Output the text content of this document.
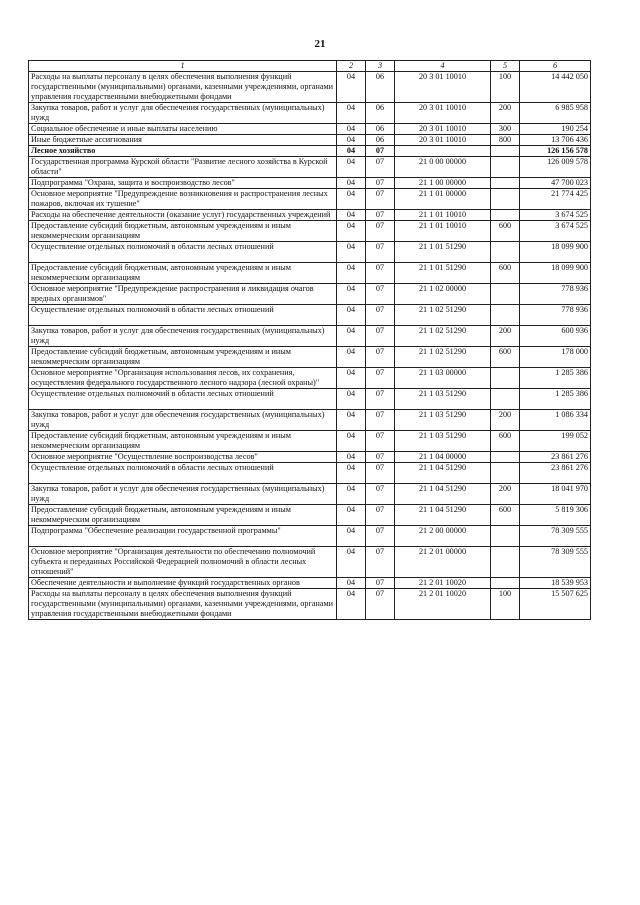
21
1	2	3	4	5	6
Расходы на выплаты персоналу в целях обеспечения выполнения функций государственными (муниципальными) органами, казенными учреждениями, органами управления государственными внебюджетными фондами	04	06	20 3 01 10010	100	14 442 050
Закупка товаров, работ и услуг для обеспечения государственных (муниципальных) нужд	04	06	20 3 01 10010	200	6 985 958
Социальное обеспечение и иные выплаты населению	04	06	20 3 01 10010	300	190 254
Иные бюджетные ассигнования	04	06	20 3 01 10010	800	13 706 436
Лесное хозяйство	04	07			126 156 578
Государственная программа Курской области "Развитие лесного хозяйства в Курской области"	04	07	21 0 00 00000		126 009 578
Подпрограмма "Охрана, защита и воспроизводство лесов"	04	07	21 1 00 00000		47 700 023
Основное мероприятие "Предупреждение возникновения и распространения лесных пожаров, включая их тушение"	04	07	21 1 01 00000		21 774 425
Расходы на обеспечение деятельности (оказание услуг) государственных учреждений	04	07	21 1 01 10010		3 674 525
Предоставление субсидий бюджетным, автономным учреждениям и иным некоммерческим организациям	04	07	21 1 01 10010	600	3 674 525
Осуществление отдельных полномочий в области лесных отношений	04	07	21 1 01 51290		18 099 900
Предоставление субсидий бюджетным, автономным учреждениям и иным некоммерческим организациям	04	07	21 1 01 51290	600	18 099 900
Основное мероприятие "Предупреждение распространения и ликвидация очагов вредных организмов"	04	07	21 1 02 00000		778 936
Осуществление отдельных полномочий в области лесных отношений	04	07	21 1 02 51290		778 936
Закупка товаров, работ и услуг для обеспечения государственных (муниципальных) нужд	04	07	21 1 02 51290	200	600 936
Предоставление субсидий бюджетным, автономным учреждениям и иным некоммерческим организациям	04	07	21 1 02 51290	600	178 000
Основное мероприятие "Организация использования лесов, их сохранения, осуществления федерального государственного лесного надзора (лесной охраны)"	04	07	21 1 03 00000		1 285 386
Осуществление отдельных полномочий в области лесных отношений	04	07	21 1 03 51290		1 285 386
Закупка товаров, работ и услуг для обеспечения государственных (муниципальных) нужд	04	07	21 1 03 51290	200	1 086 334
Предоставление субсидий бюджетным, автономным учреждениям и иным некоммерческим организациям	04	07	21 1 03 51290	600	199 052
Основное мероприятие "Осуществление воспроизводства лесов"	04	07	21 1 04 00000		23 861 276
Осуществление отдельных полномочий в области лесных отношений	04	07	21 1 04 51290		23 861 276
Закупка товаров, работ и услуг для обеспечения государственных (муниципальных) нужд	04	07	21 1 04 51290	200	18 041 970
Предоставление субсидий бюджетным, автономным учреждениям и иным некоммерческим организациям	04	07	21 1 04 51290	600	5 819 306
Подпрограмма "Обеспечение реализации государственной программы"	04	07	21 2 00 00000		78 309 555
Основное мероприятие "Организация деятельности по обеспечению полномочий субъекта и переданных Российской Федерацией полномочий в области лесных отношений"	04	07	21 2 01 00000		78 309 555
Обеспечение деятельности и выполнение функций государственных органов	04	07	21 2 01 10020		18 539 953
Расходы на выплаты персоналу в целях обеспечения выполнения функций государственными (муниципальными) органами, казенными учреждениями, органами управления государственными внебюджетными фондами	04	07	21 2 01 10020	100	15 507 625
